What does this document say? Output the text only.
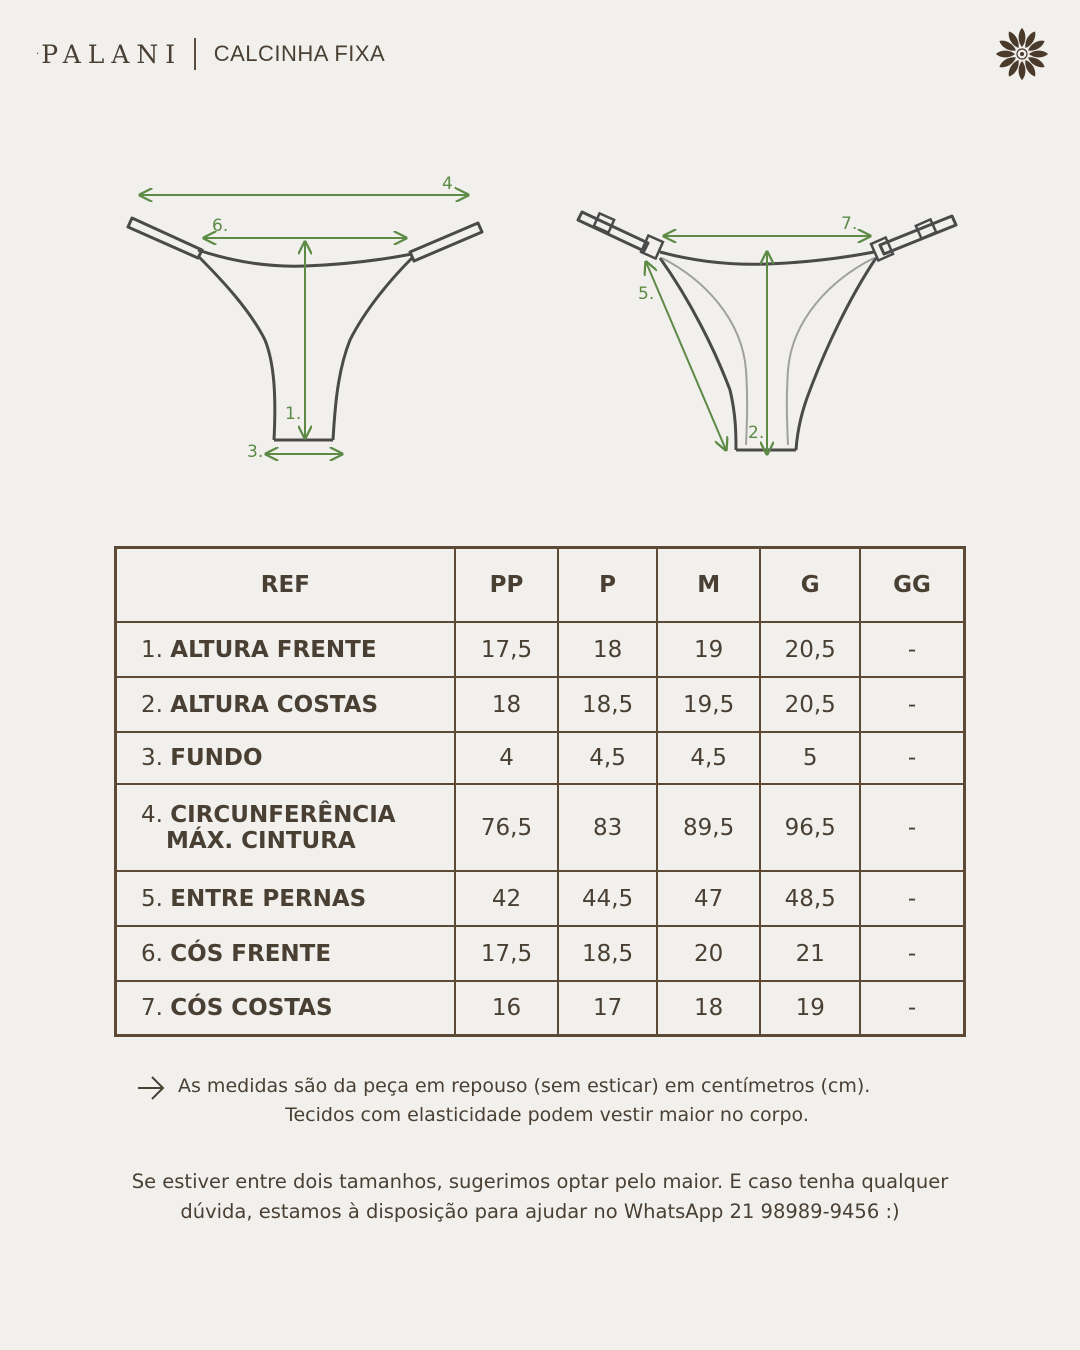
· PALANI CALCINHA FIXA
4.
6.
1.
3.
7.
5.
2.
REF	PP	P	M	G	GG
1. ALTURA FRENTE	17,5	18	19	20,5	-
2. ALTURA COSTAS	18	18,5	19,5	20,5	-
3. FUNDO	4	4,5	4,5	5	-
4. CIRCUNFERÊNCIA
MÁX. CINTURA	76,5	83	89,5	96,5	-
5. ENTRE PERNAS	42	44,5	47	48,5	-
6. CÓS FRENTE	17,5	18,5	20	21	-
7. CÓS COSTAS	16	17	18	19	-
As medidas são da peça em repouso (sem esticar) em centímetros (cm).
Tecidos com elasticidade podem vestir maior no corpo.
Se estiver entre dois tamanhos, sugerimos optar pelo maior. E caso tenha qualquer
dúvida, estamos à disposição para ajudar no WhatsApp 21 98989-9456 :)
